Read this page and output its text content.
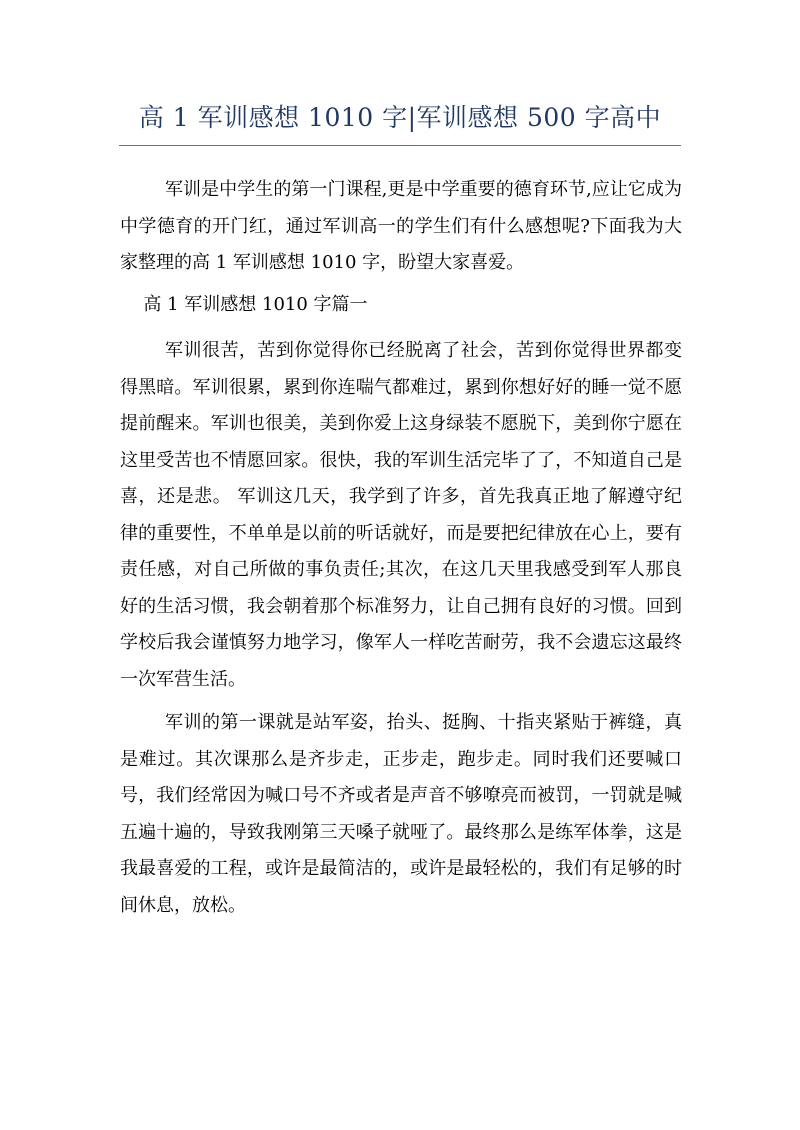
高 1 军训感想 1010 字|军训感想 500 字高中

军训是中学生的第一门课程,更是中学重要的德育环节,应让它成为中学德育的开门红，通过军训高一的学生们有什么感想呢?下面我为大家整理的高 1 军训感想 1010 字，盼望大家喜爱。

高 1 军训感想 1010 字篇一

军训很苦，苦到你觉得你已经脱离了社会，苦到你觉得世界都变得黑暗。军训很累，累到你连喘气都难过，累到你想好好的睡一觉不愿提前醒来。军训也很美，美到你爱上这身绿装不愿脱下，美到你宁愿在这里受苦也不情愿回家。很快，我的军训生活完毕了了，不知道自己是喜，还是悲。 军训这几天，我学到了许多，首先我真正地了解遵守纪律的重要性，不单单是以前的听话就好，而是要把纪律放在心上，要有责任感，对自己所做的事负责任;其次，在这几天里我感受到军人那良好的生活习惯，我会朝着那个标准努力，让自己拥有良好的习惯。回到学校后我会谨慎努力地学习，像军人一样吃苦耐劳，我不会遗忘这最终一次军营生活。

军训的第一课就是站军姿，抬头、挺胸、十指夹紧贴于裤缝，真是难过。其次课那么是齐步走，正步走，跑步走。同时我们还要喊口号，我们经常因为喊口号不齐或者是声音不够嘹亮而被罚，一罚就是喊五遍十遍的，导致我刚第三天嗓子就哑了。最终那么是练军体拳，这是我最喜爱的工程，或许是最简洁的，或许是最轻松的，我们有足够的时间休息，放松。
